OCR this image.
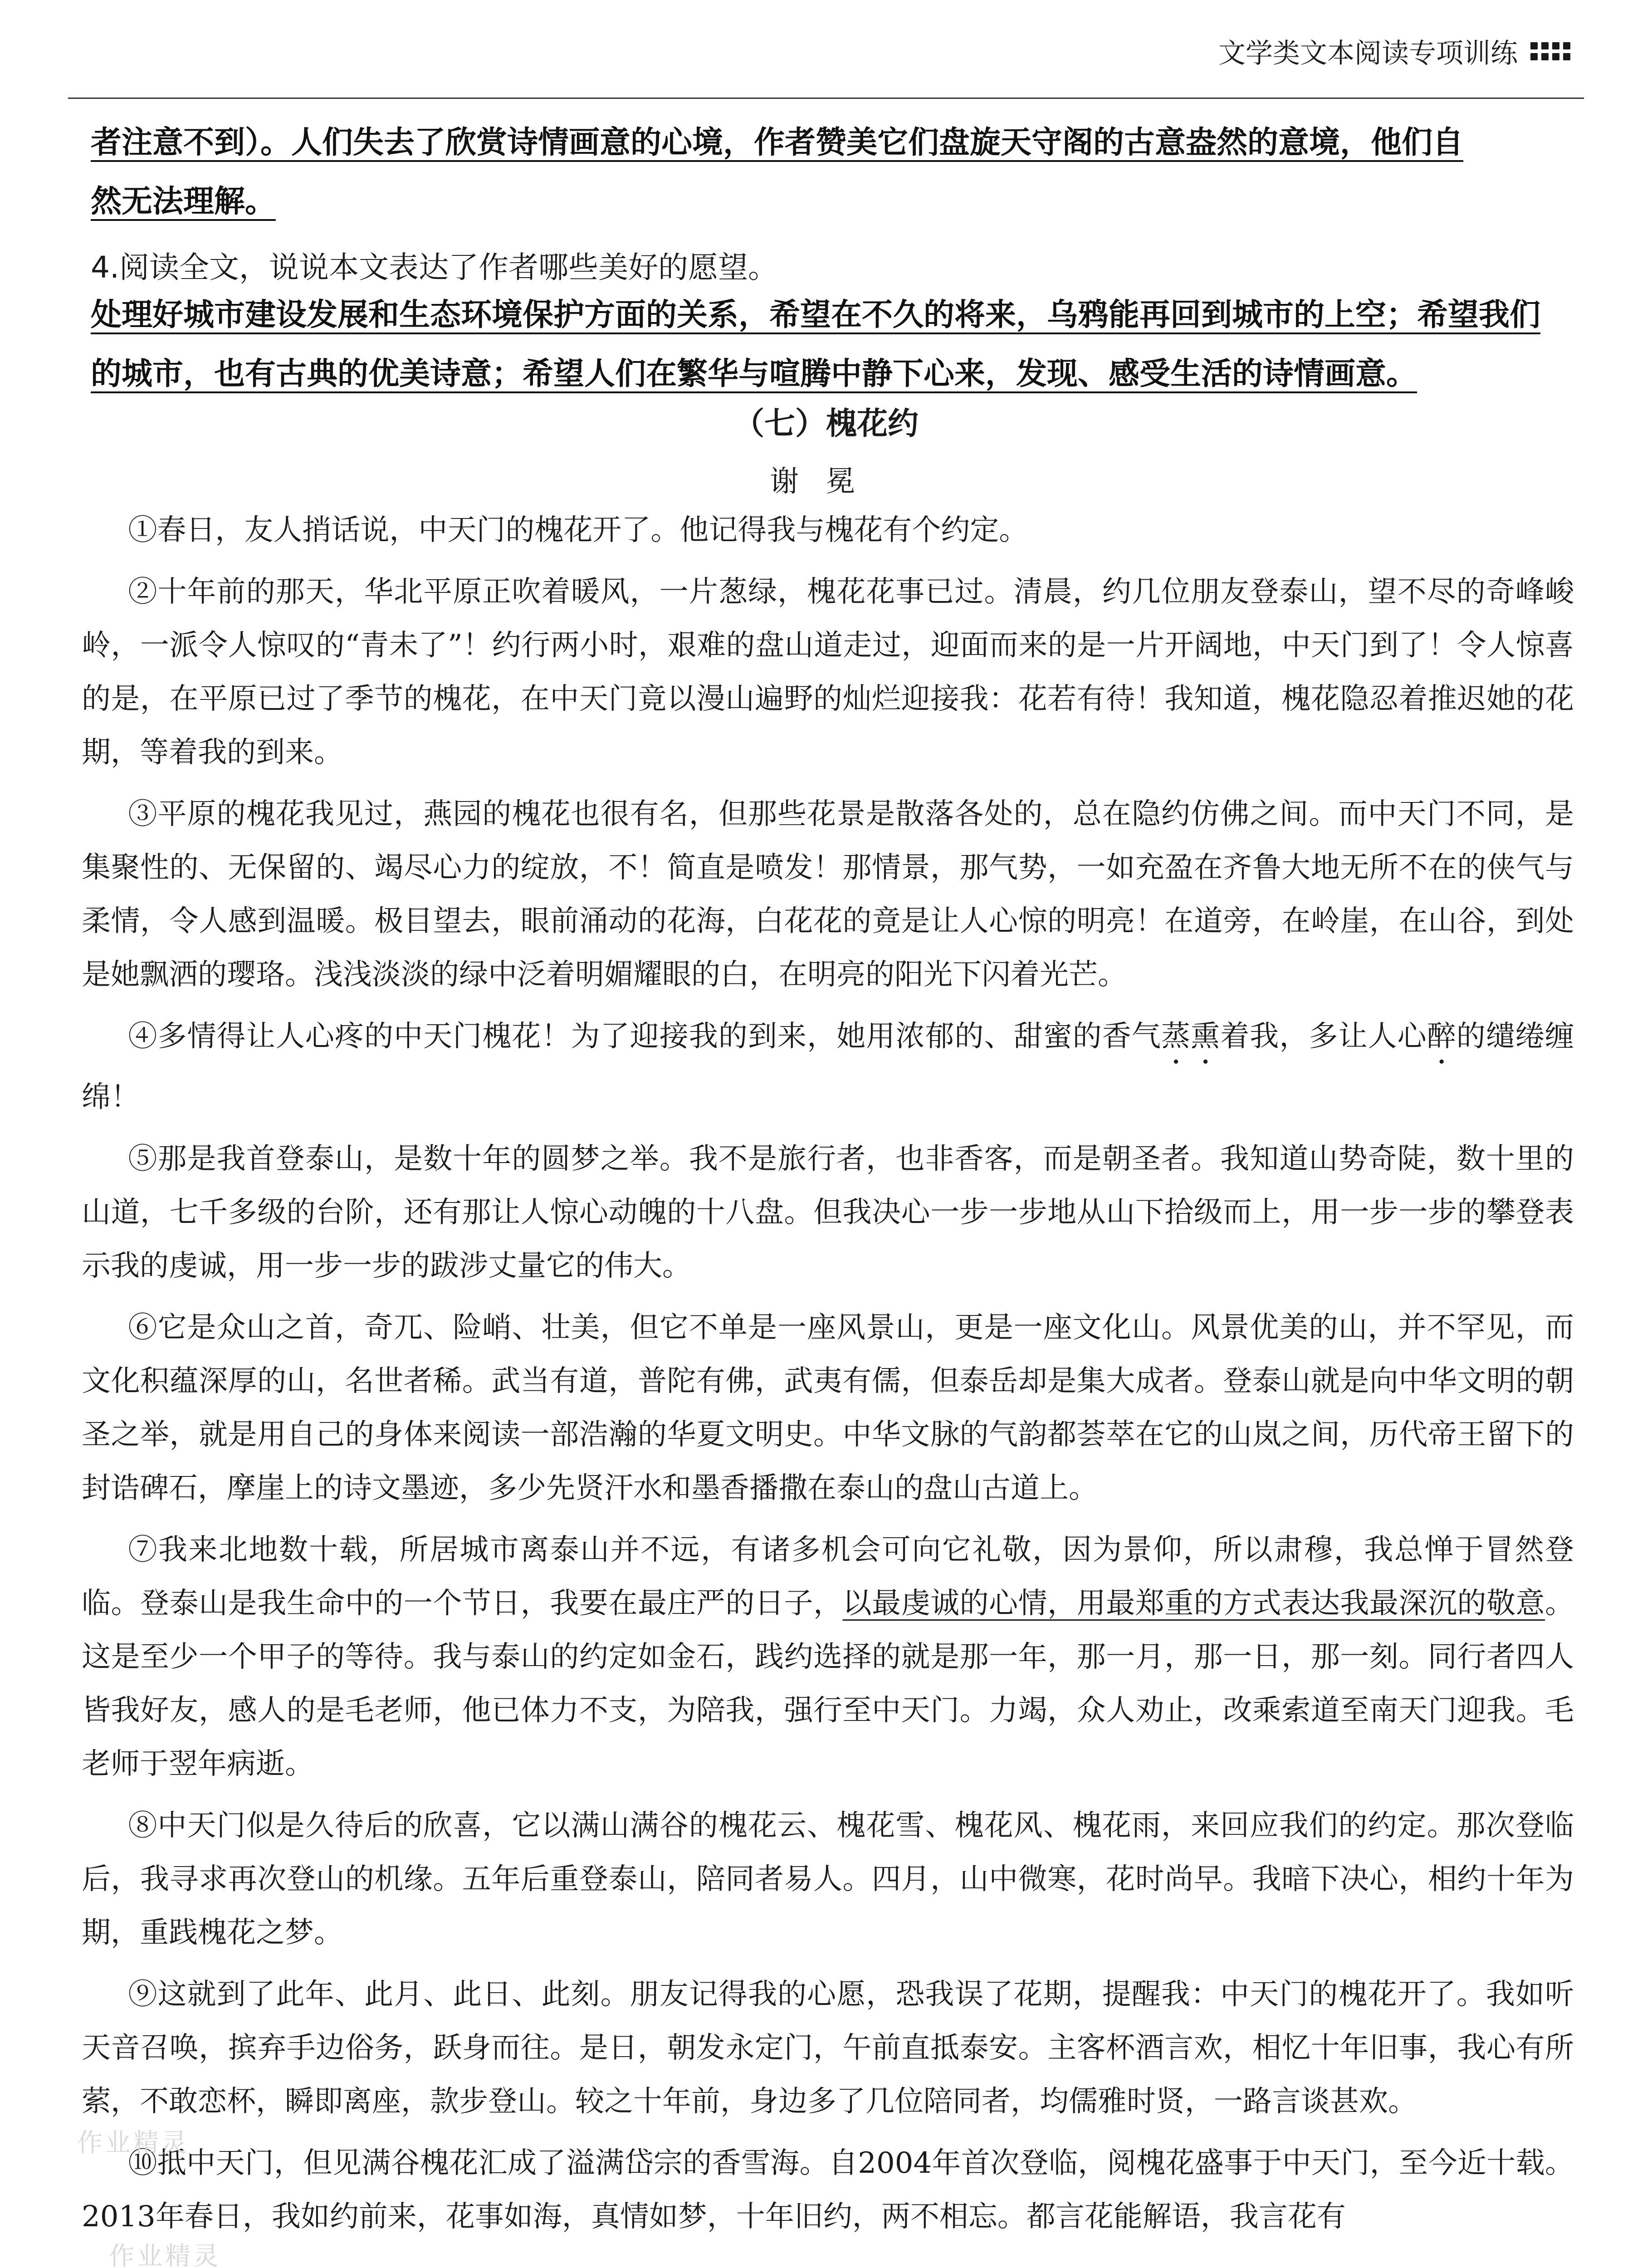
文学类文本阅读专项训练
者注意不到）。人们失去了欣赏诗情画意的心境，作者赞美它们盘旋天守阁的古意盎然的意境，他们自
然无法理解。
4.阅读全文，说说本文表达了作者哪些美好的愿望。
处理好城市建设发展和生态环境保护方面的关系，希望在不久的将来，乌鸦能再回到城市的上空；希望我们
的城市，也有古典的优美诗意；希望人们在繁华与喧腾中静下心来，发现、感受生活的诗情画意。
（七）槐花约
谢冕

①春日，友人捎话说，中天门的槐花开了。他记得我与槐花有个约定。

②十年前的那天，华北平原正吹着暖风，一片葱绿，槐花花事已过。清晨，约几位朋友登泰山，望不尽的奇峰峻岭，一派令人惊叹的“青未了”！约行两小时，艰难的盘山道走过，迎面而来的是一片开阔地，中天门到了！令人惊喜的是，在平原已过了季节的槐花，在中天门竟以漫山遍野的灿烂迎接我：花若有待！我知道，槐花隐忍着推迟她的花期，等着我的到来。

③平原的槐花我见过，燕园的槐花也很有名，但那些花景是散落各处的，总在隐约仿佛之间。而中天门不同，是集聚性的、无保留的、竭尽心力的绽放，不！简直是喷发！那情景，那气势，一如充盈在齐鲁大地无所不在的侠气与柔情，令人感到温暖。极目望去，眼前涌动的花海，白花花的竟是让人心惊的明亮！在道旁，在岭崖，在山谷，到处是她飘洒的璎珞。浅浅淡淡的绿中泛着明媚耀眼的白，在明亮的阳光下闪着光芒。

④多情得让人心疼的中天门槐花！为了迎接我的到来，她用浓郁的、甜蜜的香气蒸熏着我，多让人心醉的缱绻缠绵！

⑤那是我首登泰山，是数十年的圆梦之举。我不是旅行者，也非香客，而是朝圣者。我知道山势奇陡，数十里的山道，七千多级的台阶，还有那让人惊心动魄的十八盘。但我决心一步一步地从山下拾级而上，用一步一步的攀登表示我的虔诚，用一步一步的跋涉丈量它的伟大。

⑥它是众山之首，奇兀、险峭、壮美，但它不单是一座风景山，更是一座文化山。风景优美的山，并不罕见，而文化积蕴深厚的山，名世者稀。武当有道，普陀有佛，武夷有儒，但泰岳却是集大成者。登泰山就是向中华文明的朝圣之举，就是用自己的身体来阅读一部浩瀚的华夏文明史。中华文脉的气韵都荟萃在它的山岚之间，历代帝王留下的封诰碑石，摩崖上的诗文墨迹，多少先贤汗水和墨香播撒在泰山的盘山古道上。

⑦我来北地数十载，所居城市离泰山并不远，有诸多机会可向它礼敬，因为景仰，所以肃穆，我总惮于冒然登临。登泰山是我生命中的一个节日，我要在最庄严的日子，以最虔诚的心情，用最郑重的方式表达我最深沉的敬意。这是至少一个甲子的等待。我与泰山的约定如金石，践约选择的就是那一年，那一月，那一日，那一刻。同行者四人皆我好友，感人的是毛老师，他已体力不支，为陪我，强行至中天门。力竭，众人劝止，改乘索道至南天门迎我。毛老师于翌年病逝。

⑧中天门似是久待后的欣喜，它以满山满谷的槐花云、槐花雪、槐花风、槐花雨，来回应我们的约定。那次登临后，我寻求再次登山的机缘。五年后重登泰山，陪同者易人。四月，山中微寒，花时尚早。我暗下决心，相约十年为期，重践槐花之梦。

⑨这就到了此年、此月、此日、此刻。朋友记得我的心愿，恐我误了花期，提醒我：中天门的槐花开了。我如听天音召唤，摈弃手边俗务，跃身而往。是日，朝发永定门，午前直抵泰安。主客杯酒言欢，相忆十年旧事，我心有所萦，不敢恋杯，瞬即离座，款步登山。较之十年前，身边多了几位陪同者，均儒雅时贤，一路言谈甚欢。

⑩抵中天门，但见满谷槐花汇成了溢满岱宗的香雪海。自2004年首次登临，阅槐花盛事于中天门，至今近十载。2013年春日，我如约前来，花事如海，真情如梦，十年旧约，两不相忘。都言花能解语，我言花有

作业精灵
作业精灵
